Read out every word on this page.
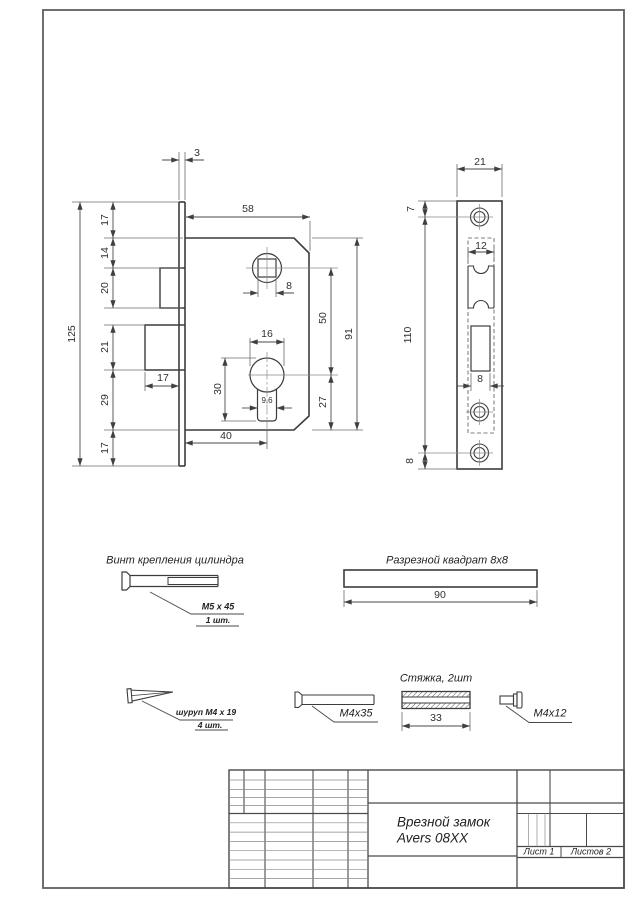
3
58
125
17
14
20
21
29
17
17
8
16
30
9,6
50
27
91
40
21
7
12
110
8
8
Винт крепления цилиндра
M5 x 45
1 шт.
Разрезной квадрат 8x8
90
шуруп М4 х 19
4 шт.
M4x35
Стяжка, 2шт
33	M4x12
Врезной замок
Avers 08XX
Лист 1 Листов 2
